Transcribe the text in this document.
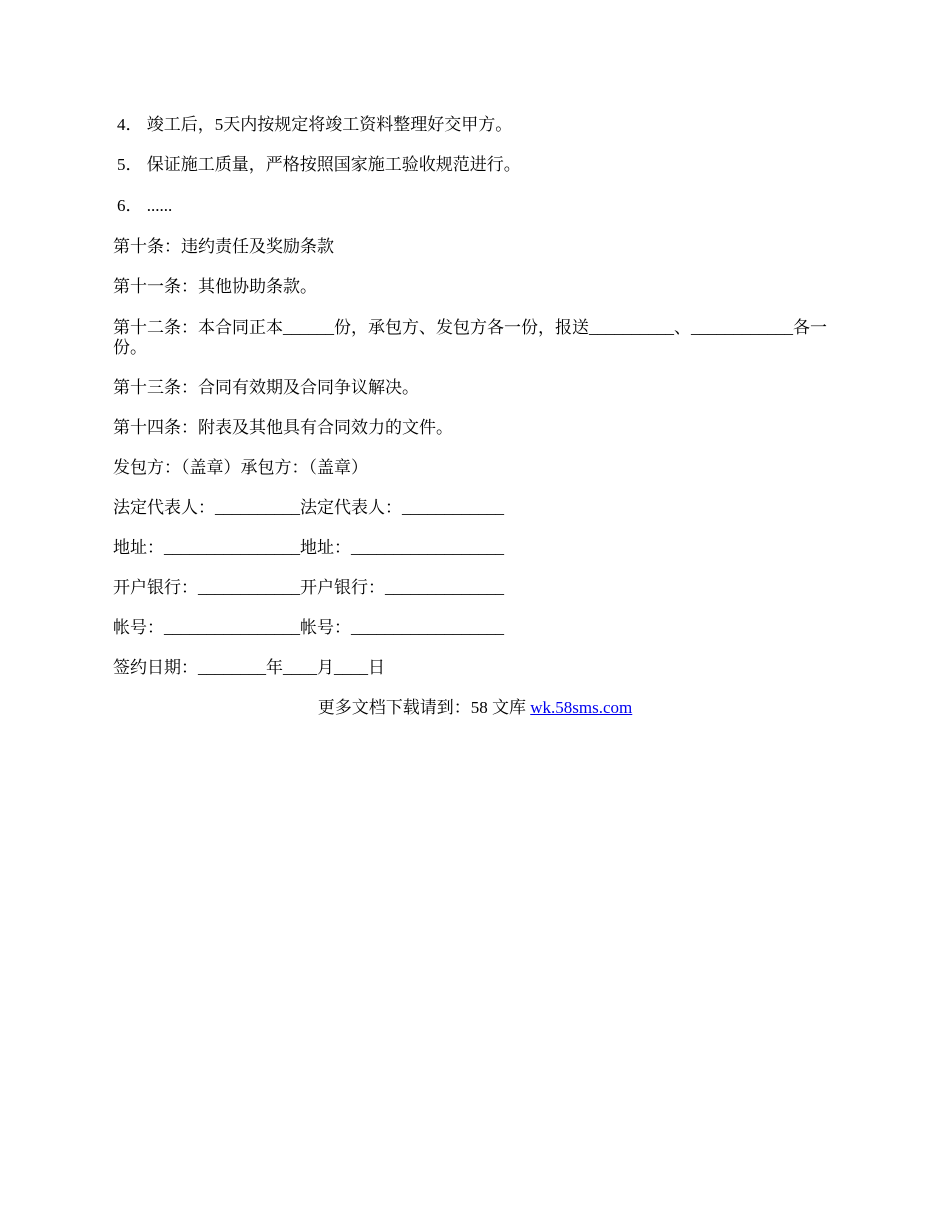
4． 竣工后，5天内按规定将竣工资料整理好交甲方。
5． 保证施工质量，严格按照国家施工验收规范进行。
6． ......
第十条：违约责任及奖励条款
第十一条：其他协助条款。
第十二条：本合同正本______份，承包方、发包方各一份，报送__________、____________各一份。
第十三条：合同有效期及合同争议解决。
第十四条：附表及其他具有合同效力的文件。
发包方：（盖章）承包方：（盖章）
法定代表人：__________法定代表人：____________
地址：________________地址：__________________
开户银行：____________开户银行：______________
帐号：________________帐号：__________________
签约日期：________年____月____日
更多文档下载请到：58 文库 wk.58sms.com
